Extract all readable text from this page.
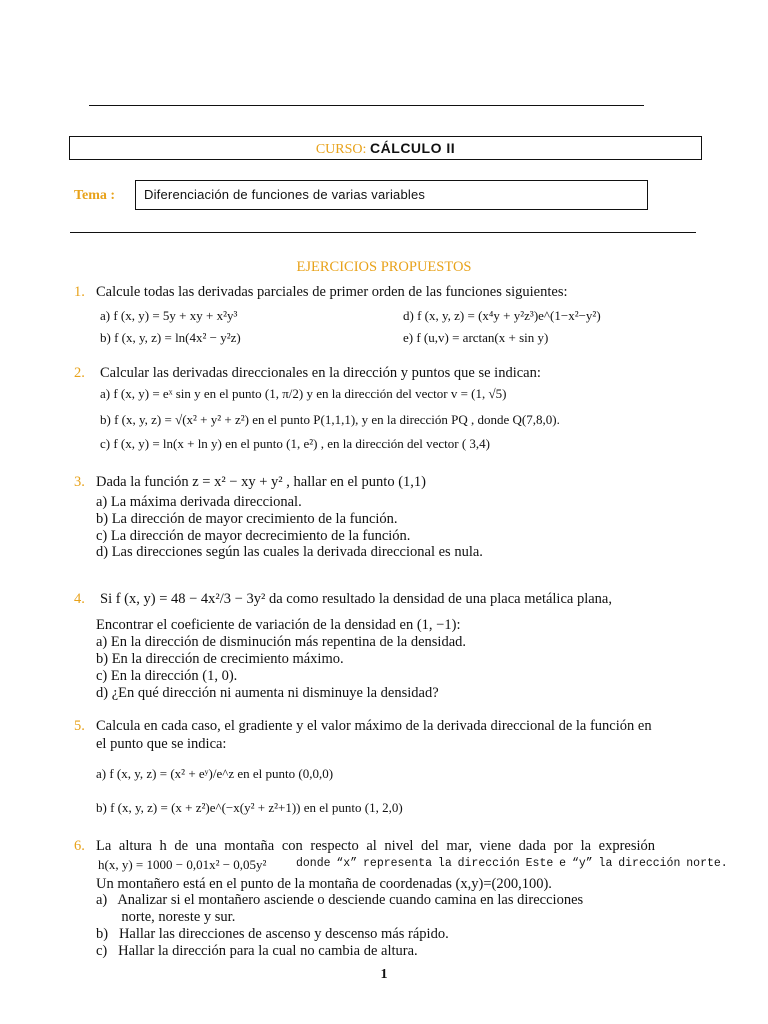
CURSO: CÁLCULO II
Tema : Diferenciación de funciones de varias variables
EJERCICIOS PROPUESTOS
1. Calcule todas las derivadas parciales de primer orden de las funciones siguientes:
a) f (x, y) = 5y + xy + x²y³	d) f (x, y, z) = (x⁴y + y²z³)e^(1−x²−y²)
b) f (x, y, z) = ln(4x² − y²z)	e) f (u,v) = arctan(x + sin y)
2. Calcular las derivadas direccionales en la dirección y puntos que se indican:
a) f (x, y) = eˣ sin y en el punto (1, π/2) y en la dirección del vector v = (1, √5)
b) f (x, y, z) = √(x² + y² + z²) en el punto P(1,1,1), y en la dirección PQ , donde Q(7,8,0).
c) f (x, y) = ln(x + ln y) en el punto (1, e²) , en la dirección del vector ( 3,4)
3. Dada la función z = x² − xy + y² , hallar en el punto (1,1)
a) La máxima derivada direccional.
b) La dirección de mayor crecimiento de la función.
c) La dirección de mayor decrecimiento de la función.
d) Las direcciones según las cuales la derivada direccional es nula.
4. Si f (x, y) = 48 − 4x²/3 − 3y² da como resultado la densidad de una placa metálica plana,
Encontrar el coeficiente de variación de la densidad en (1, −1):
a) En la dirección de disminución más repentina de la densidad.
b) En la dirección de crecimiento máximo.
c) En la dirección (1, 0).
d) ¿En qué dirección ni aumenta ni disminuye la densidad?
5. Calcula en cada caso, el gradiente y el valor máximo de la derivada direccional de la función en
el punto que se indica:
a) f (x, y, z) = (x² + eʸ)/e^z en el punto (0,0,0)
b) f (x, y, z) = (x + z²)e^(−x(y² + z²+1)) en el punto (1, 2,0)
6. La altura h de una montaña con respecto al nivel del mar, viene dada por la expresión
h(x, y) = 1000 − 0,01x² − 0,05y²	donde “x” representa la dirección Este e “y” la dirección norte.
Un montañero está en el punto de la montaña de coordenadas (x,y)=(200,100).
a)   Analizar si el montañero asciende o desciende cuando camina en las direcciones
norte, noreste y sur.
b)   Hallar las direcciones de ascenso y descenso más rápido.
c)   Hallar la dirección para la cual no cambia de altura.
1
